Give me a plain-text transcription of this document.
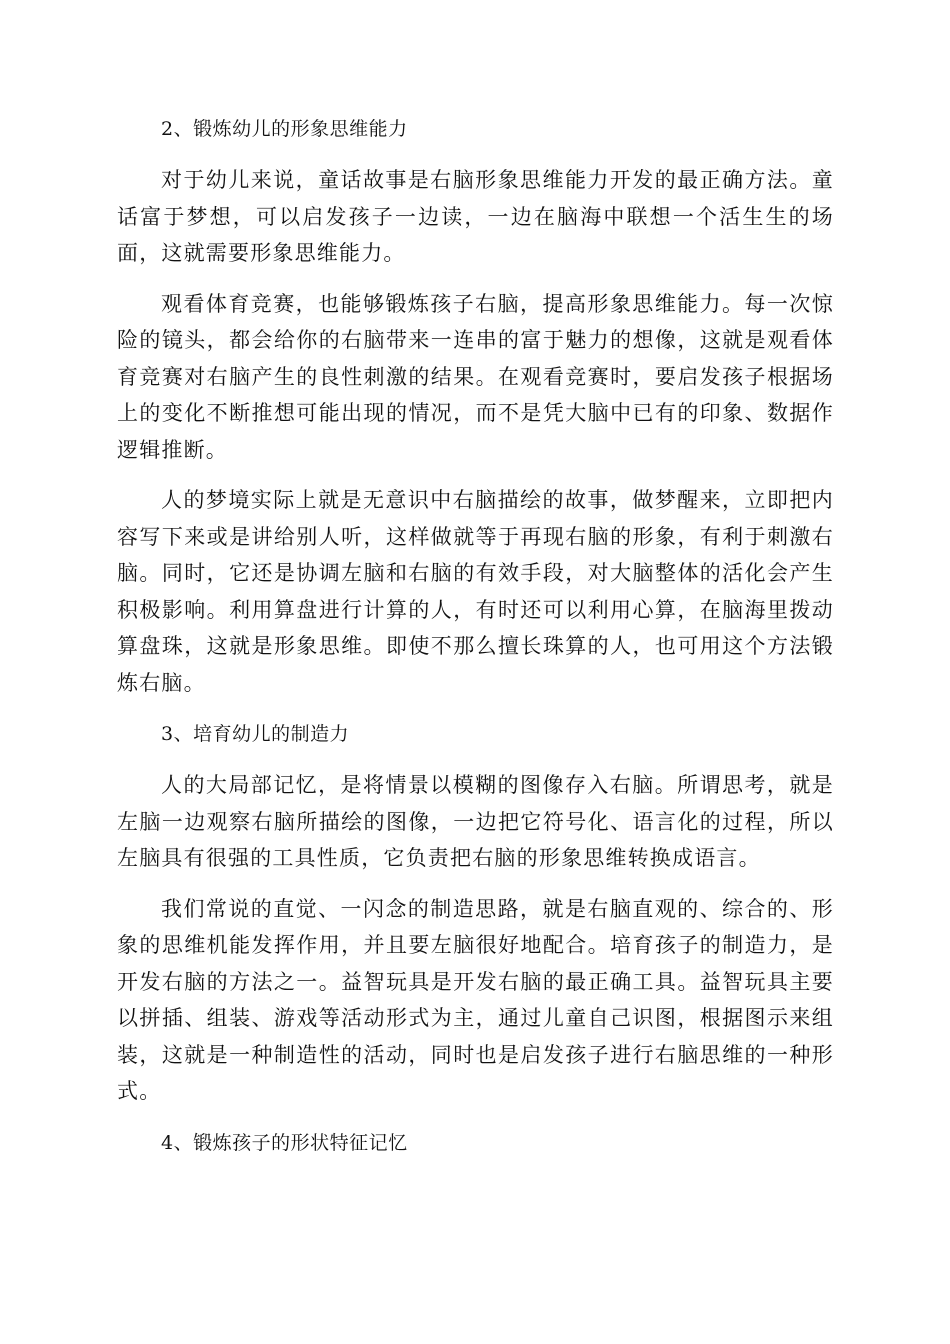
2、锻炼幼儿的形象思维能力

对于幼儿来说，童话故事是右脑形象思维能力开发的最正确方法。童话富于梦想，可以启发孩子一边读，一边在脑海中联想一个活生生的场面，这就需要形象思维能力。

观看体育竞赛，也能够锻炼孩子右脑，提高形象思维能力。每一次惊险的镜头，都会给你的右脑带来一连串的富于魅力的想像，这就是观看体育竞赛对右脑产生的良性刺激的结果。在观看竞赛时，要启发孩子根据场上的变化不断推想可能出现的情况，而不是凭大脑中已有的印象、数据作逻辑推断。

人的梦境实际上就是无意识中右脑描绘的故事，做梦醒来，立即把内容写下来或是讲给别人听，这样做就等于再现右脑的形象，有利于刺激右脑。同时，它还是协调左脑和右脑的有效手段，对大脑整体的活化会产生积极影响。利用算盘进行计算的人，有时还可以利用心算，在脑海里拨动算盘珠，这就是形象思维。即使不那么擅长珠算的人，也可用这个方法锻炼右脑。

3、培育幼儿的制造力

人的大局部记忆，是将情景以模糊的图像存入右脑。所谓思考，就是左脑一边观察右脑所描绘的图像，一边把它符号化、语言化的过程，所以左脑具有很强的工具性质，它负责把右脑的形象思维转换成语言。

我们常说的直觉、一闪念的制造思路，就是右脑直观的、综合的、形象的思维机能发挥作用，并且要左脑很好地配合。培育孩子的制造力，是开发右脑的方法之一。益智玩具是开发右脑的最正确工具。益智玩具主要以拼插、组装、游戏等活动形式为主，通过儿童自己识图，根据图示来组装，这就是一种制造性的活动，同时也是启发孩子进行右脑思维的一种形式。

4、锻炼孩子的形状特征记忆
